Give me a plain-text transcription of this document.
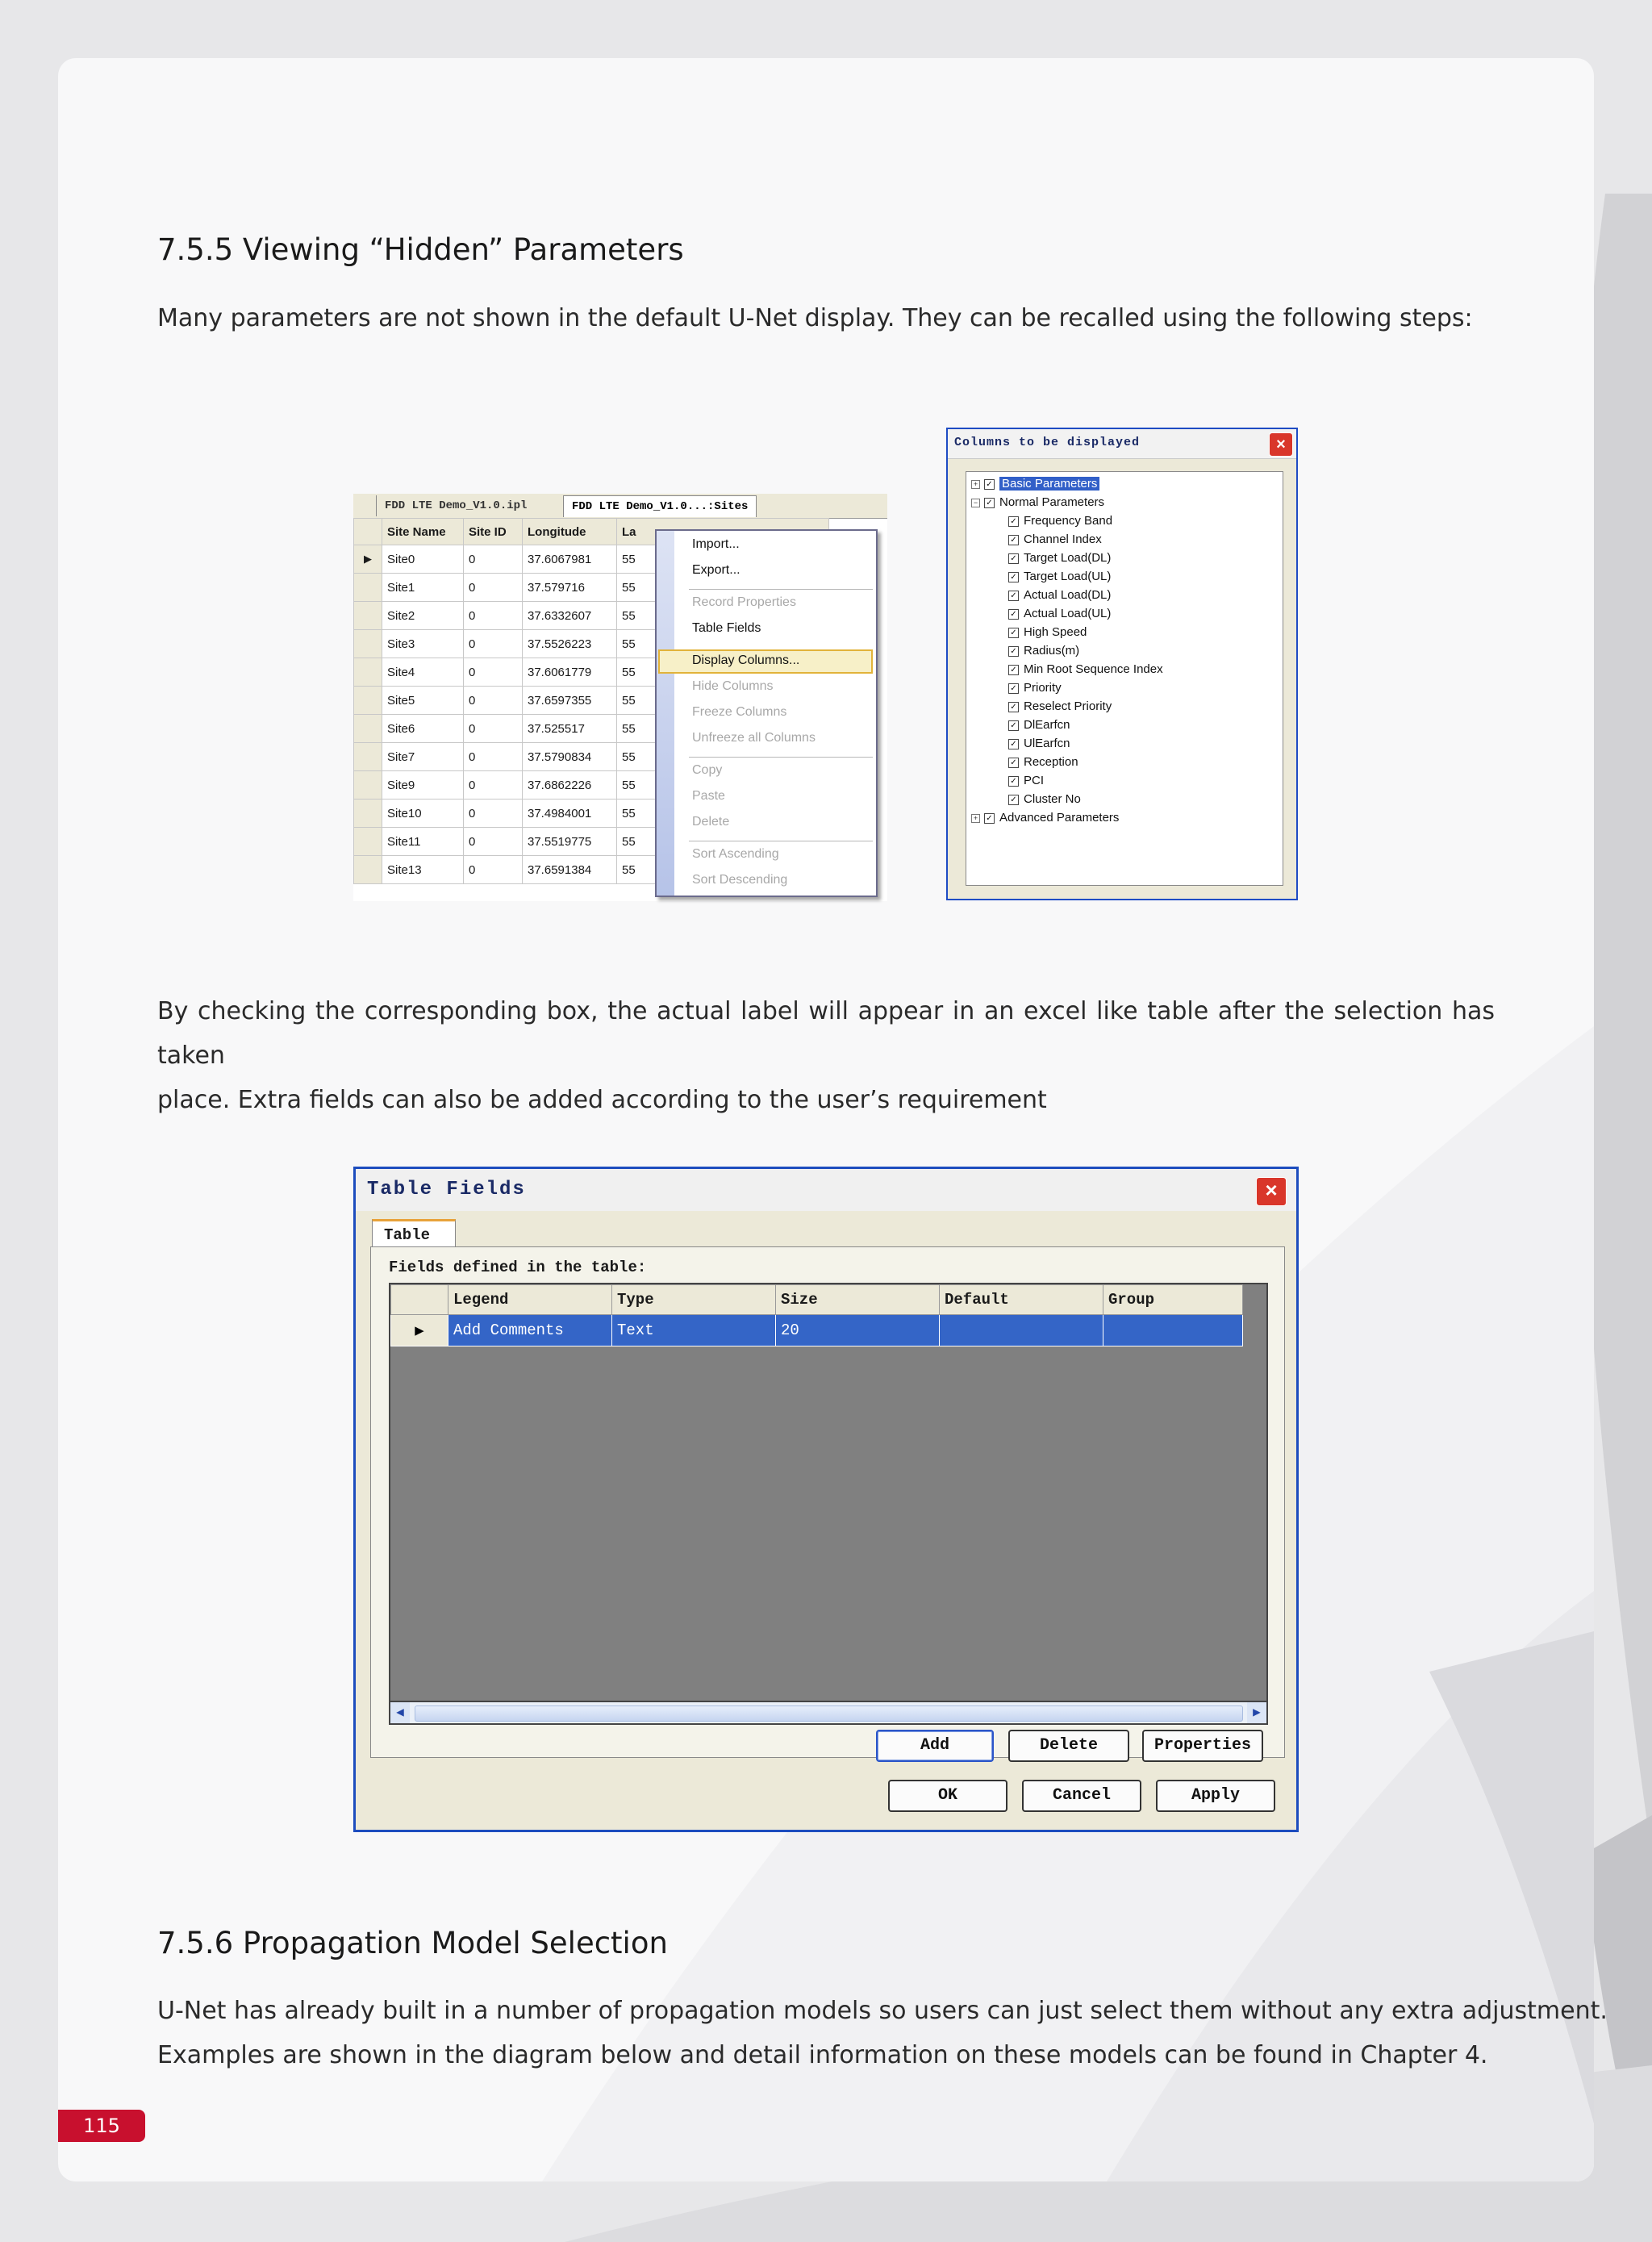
7.5.5 Viewing “Hidden” Parameters
Many parameters are not shown in the default U-Net display. They can be recalled using the following steps:
FDD LTE Demo_V1.0.ipl	FDD LTE Demo_V1.0...:Sites
	Site Name	Site ID	Longitude	La
▶	Site0	0	37.6067981	55
	Site1	0	37.579716	55
	Site2	0	37.6332607	55
	Site3	0	37.5526223	55
	Site4	0	37.6061779	55
	Site5	0	37.6597355	55
	Site6	0	37.525517	55
	Site7	0	37.5790834	55
	Site9	0	37.6862226	55
	Site10	0	37.4984001	55
	Site11	0	37.5519775	55
	Site13	0	37.6591384	55
Import...
Export...
Record Properties
Table Fields
Display Columns...
Hide Columns
Freeze Columns
Unfreeze all Columns
Copy
Paste
Delete
Sort Ascending
Sort Descending
Columns to be displayed	×
+ ✓ Basic Parameters
− ✓ Normal Parameters
✓ Frequency Band
✓ Channel Index
✓ Target Load(DL)
✓ Target Load(UL)
✓ Actual Load(DL)
✓ Actual Load(UL)
✓ High Speed
✓ Radius(m)
✓ Min Root Sequence Index
✓ Priority
✓ Reselect Priority
✓ DlEarfcn
✓ UlEarfcn
✓ Reception
✓ PCI
✓ Cluster No
+ ✓ Advanced Parameters
By checking the corresponding box, the actual label will appear in an excel like table after the selection has taken
place. Extra fields can also be added according to the user’s requirement
Table Fields	×
Table
Fields defined in the table:
	Legend	Type	Size	Default	Group
▶	Add Comments	Text	20		
◀	▶
Add	Delete	Properties
OK	Cancel	Apply
7.5.6 Propagation Model Selection
U-Net has already built in a number of propagation models so users can just select them without any extra adjustment.
Examples are shown in the diagram below and detail information on these models can be found in Chapter 4.
115
